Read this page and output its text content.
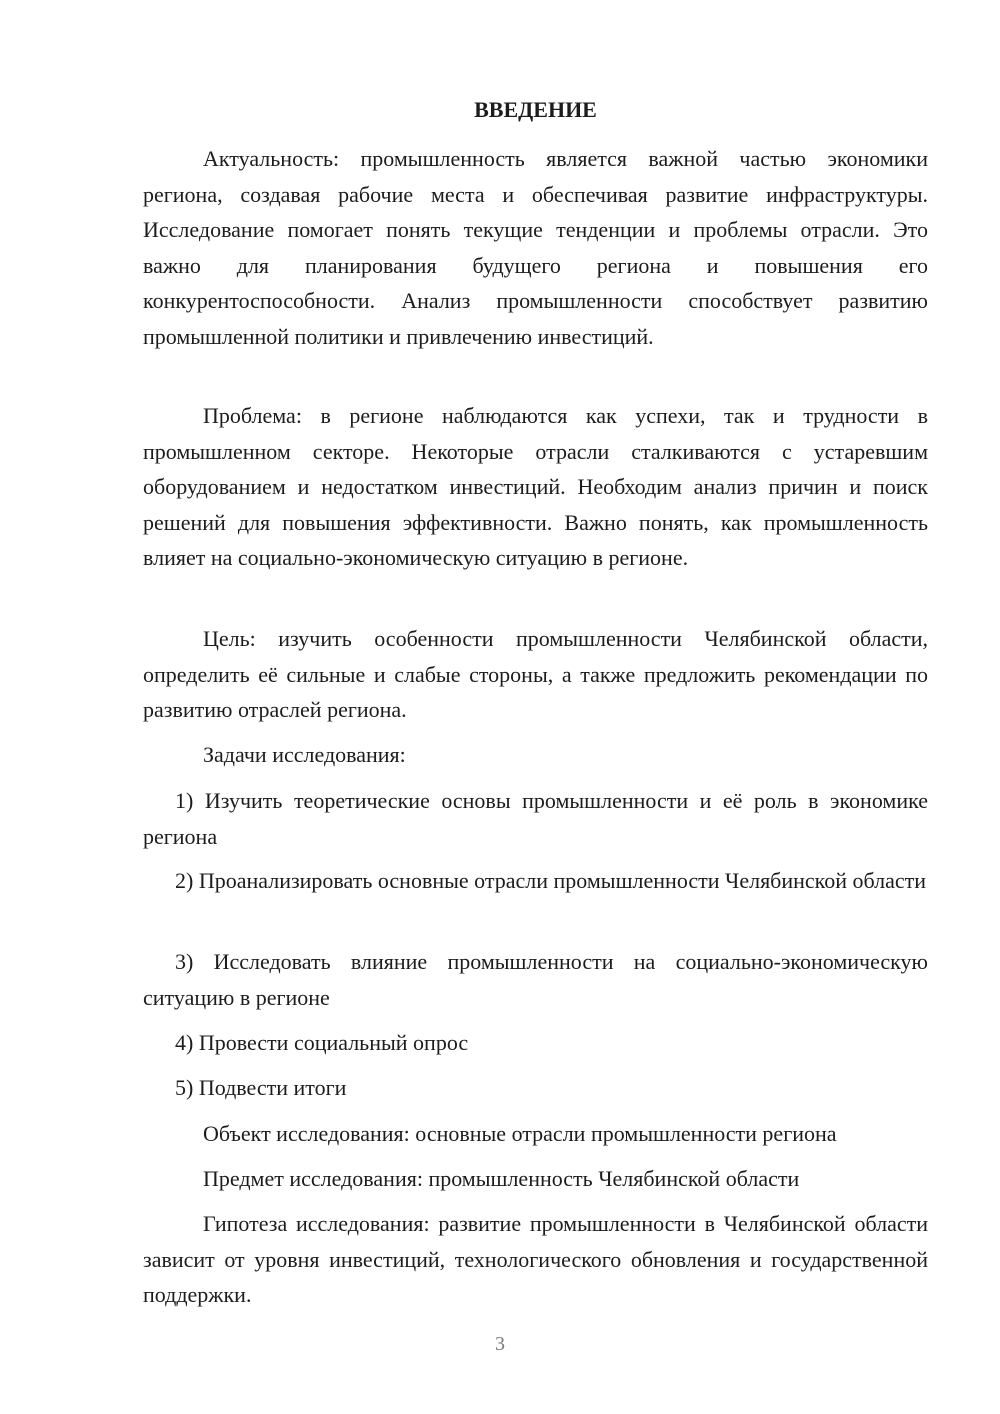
ВВЕДЕНИЕ

Актуальность: промышленность является важной частью экономики региона, создавая рабочие места и обеспечивая развитие инфраструктуры. Исследование помогает понять текущие тенденции и проблемы отрасли. Это важно для планирования будущего региона и повышения его конкурентоспособности. Анализ промышленности способствует развитию промышленной политики и привлечению инвестиций.

Проблема: в регионе наблюдаются как успехи, так и трудности в промышленном секторе. Некоторые отрасли сталкиваются с устаревшим оборудованием и недостатком инвестиций. Необходим анализ причин и поиск решений для повышения эффективности. Важно понять, как промышленность влияет на социально-экономическую ситуацию в регионе.

Цель: изучить особенности промышленности Челябинской области, определить её сильные и слабые стороны, а также предложить рекомендации по развитию отраслей региона.

Задачи исследования:

1) Изучить теоретические основы промышленности и её роль в экономике региона

2) Проанализировать основные отрасли промышленности Челябинской области

3) Исследовать влияние промышленности на социально-экономическую ситуацию в регионе

4) Провести социальный опрос

5) Подвести итоги

Объект исследования: основные отрасли промышленности региона

Предмет исследования: промышленность Челябинской области

Гипотеза исследования: развитие промышленности в Челябинской области зависит от уровня инвестиций, технологического обновления и государственной поддержки.

3
